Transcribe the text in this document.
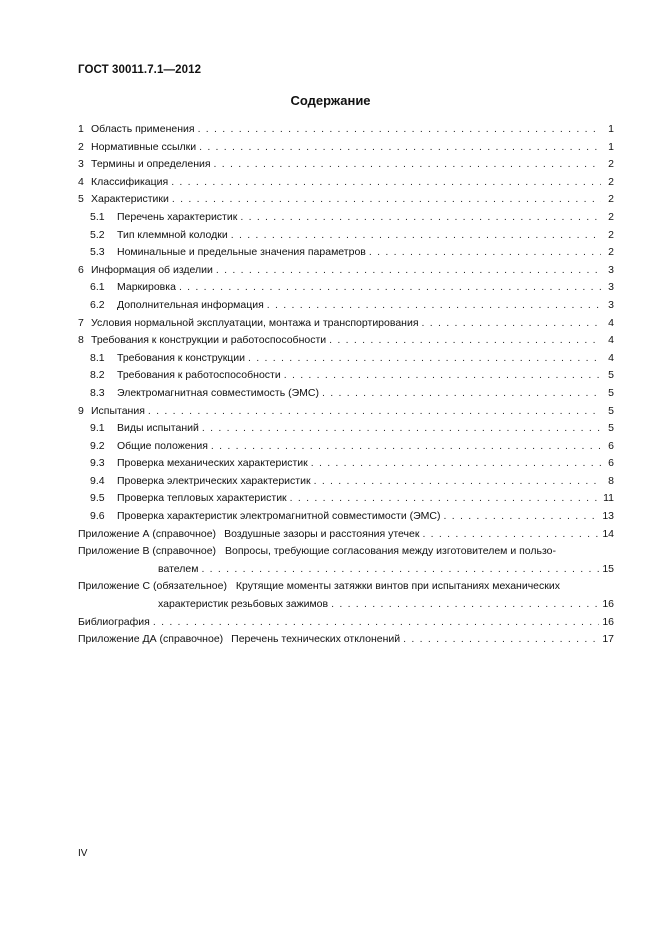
ГОСТ 30011.7.1—2012
Содержание
1 Область применения . . .	1
2 Нормативные ссылки . . .	1
3 Термины и определения . . .	2
4 Классификация . . .	2
5 Характеристики . . .	2
5.1	Перечень характеристик . . .	2
5.2	Тип клеммной колодки . . .	2
5.3	Номинальные и предельные значения параметров . . .	2
6 Информация об изделии . . .	3
6.1	Маркировка . . .	3
6.2	Дополнительная информация . . .	3
7 Условия нормальной эксплуатации, монтажа и транспортирования . . .	4
8 Требования к конструкции и работоспособности . . .	4
8.1	Требования к конструкции . . .	4
8.2	Требования к работоспособности . . .	5
8.3	Электромагнитная совместимость (ЭМС) . . .	5
9 Испытания . . .	5
9.1	Виды испытаний . . .	5
9.2	Общие положения . . .	6
9.3	Проверка механических характеристик . . .	6
9.4	Проверка электрических характеристик . . .	8
9.5	Проверка тепловых характеристик . . .	11
9.6	Проверка характеристик электромагнитной совместимости (ЭМС) . . .	13
Приложение А (справочное) Воздушные зазоры и расстояния утечек . . .	14
Приложение В (справочное) Вопросы, требующие согласования между изготовителем и пользо-
вателем . . .	15
Приложение С (обязательное) Крутящие моменты затяжки винтов при испытаниях механических
характеристик резьбовых зажимов . . .	16
Библиография . . .	16
Приложение ДА (справочное) Перечень технических отклонений . . .	17
IV
